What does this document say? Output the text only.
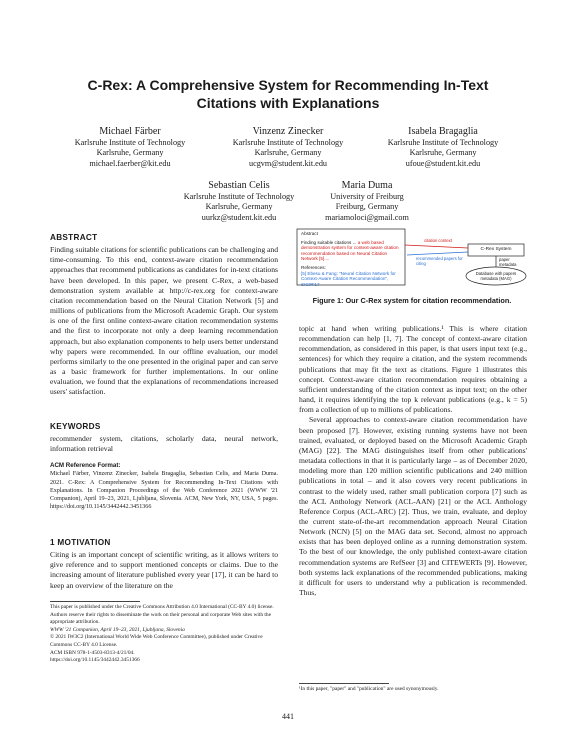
C-Rex: A Comprehensive System for Recommending In-Text Citations with Explanations
Michael Färber
Karlsruhe Institute of Technology
Karlsruhe, Germany
michael.faerber@kit.edu
Vinzenz Zinecker
Karlsruhe Institute of Technology
Karlsruhe, Germany
ucgvm@student.kit.edu
Isabela Bragaglia
Karlsruhe Institute of Technology
Karlsruhe, Germany
ufoue@student.kit.edu
Sebastian Celis
Karlsruhe Institute of Technology
Karlsruhe, Germany
uurkz@student.kit.edu
Maria Duma
University of Freiburg
Freiburg, Germany
mariamoloci@gmail.com
ABSTRACT
Finding suitable citations for scientific publications can be challenging and time-consuming. To this end, context-aware citation recommendation approaches that recommend publications as candidates for in-text citations have been developed. In this paper, we present C-Rex, a web-based demonstration system available at http://c-rex.org for context-aware citation recommendation based on the Neural Citation Network [5] and millions of publications from the Microsoft Academic Graph. Our system is one of the first online context-aware citation recommendation systems and the first to incorporate not only a deep learning recommendation approach, but also explanation components to help users better understand why papers were recommended. In our offline evaluation, our model performs similarly to the one presented in the original paper and can serve as a basic framework for further implementations. In our online evaluation, we found that the explanations of recommendations increased users' satisfaction.
KEYWORDS
recommender system, citations, scholarly data, neural network, information retrieval
ACM Reference Format:
Michael Färber, Vinzenz Zinecker, Isabela Bragaglia, Sebastian Celis, and Maria Duma. 2021. C-Rex: A Comprehensive System for Recommending In-Text Citations with Explanations. In Companion Proceedings of the Web Conference 2021 (WWW '21 Companion), April 19–23, 2021, Ljubljana, Slovenia. ACM, New York, NY, USA, 5 pages. https://doi.org/10.1145/3442442.3451366
1 MOTIVATION
Citing is an important concept of scientific writing, as it allows writers to give reference and to support mentioned concepts or claims. Due to the increasing amount of literature published every year [17], it can be hard to keep an overview of the literature on the
This paper is published under the Creative Commons Attribution 4.0 International (CC-BY 4.0) license. Authors reserve their rights to disseminate the work on their personal and corporate Web sites with the appropriate attribution.
WWW '21 Companion, April 19–23, 2021, Ljubljana, Slovenia
© 2021 IW3C2 (International World Wide Web Conference Committee), published under Creative Commons CC-BY 4.0 License.
ACM ISBN 978-1-4503-8313-4/21/04.
https://doi.org/10.1145/3442442.3451366
Abstract
Finding suitable citations ... a web based demonstration system for context-aware citation recommendation based on Neural Citation Network [5]....
References:
[5] Ebesu & Fang: "Neural Citation Network for Context-Aware Citation Recommendation", SIGIR'17
citation context
recommended papers for citing
C-Rex System
paper metadata
Database with papers metadata (MAG)
Figure 1: Our C-Rex system for citation recommendation.
topic at hand when writing publications.¹ This is where citation recommendation can help [1, 7]. The concept of context-aware citation recommendation, as considered in this paper, is that users input text (e.g., sentences) for which they require a citation, and the system recommends publications that may fit the text as citations. Figure 1 illustrates this concept. Context-aware citation recommendation requires obtaining a sufficient understanding of the citation context as input text; on the other hand, it requires identifying the top k relevant publications (e.g., k = 5) from a collection of up to millions of publications.
Several approaches to context-aware citation recommendation have been proposed [7]. However, existing running systems have not been trained, evaluated, or deployed based on the Microsoft Academic Graph (MAG) [22]. The MAG distinguishes itself from other publications' metadata collections in that it is particularly large – as of December 2020, modeling more than 120 million scientific publications and 240 million publications in total – and it also covers very recent publications in contrast to the widely used, rather small publication corpora [7] such as the ACL Anthology Network (ACL-AAN) [21] or the ACL Anthology Reference Corpus (ACL-ARC) [2]. Thus, we train, evaluate, and deploy the current state-of-the-art recommendation approach Neural Citation Network (NCN) [5] on the MAG data set. Second, almost no approach exists that has been deployed online as a running demonstration system. To the best of our knowledge, the only published context-aware citation recommendation systems are RefSeer [3] and CITEWERTs [9]. However, both systems lack explanations of the recommended publications, making it difficult for users to understand why a publication is recommended. Thus,
¹In this paper, "paper" and "publication" are used synonymously.
441
